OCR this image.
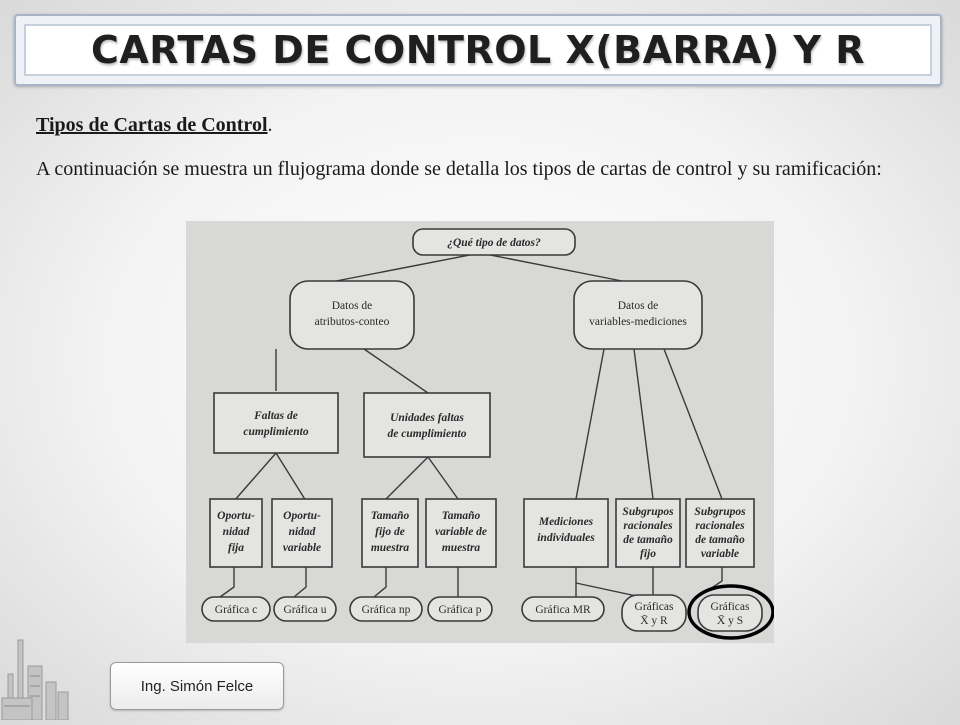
CARTAS DE CONTROL X(BARRA) Y R
Tipos de Cartas de Control.
A continuación se muestra un flujograma donde se detalla los tipos de cartas de control y su ramificación:
¿Qué tipo de datos?
Datos de
atributos-conteo
Datos de
variables-mediciones
Faltas de
cumplimiento
Unidades faltas
de cumplimiento
Oportu-
nidad
fija
Oportu-
nidad
variable
Tamaño
fijo de
muestra
Tamaño
variable de
muestra
Mediciones
individuales
Subgrupos
racionales
de tamaño
fijo
Subgrupos
racionales
de tamaño
variable
Gráfica c Gráfica u	Gráfica np Gráfica p	Gráfica MR	Gráficas
X̄ y R
Gráficas
X̄ y S
Ing. Simón Felce
